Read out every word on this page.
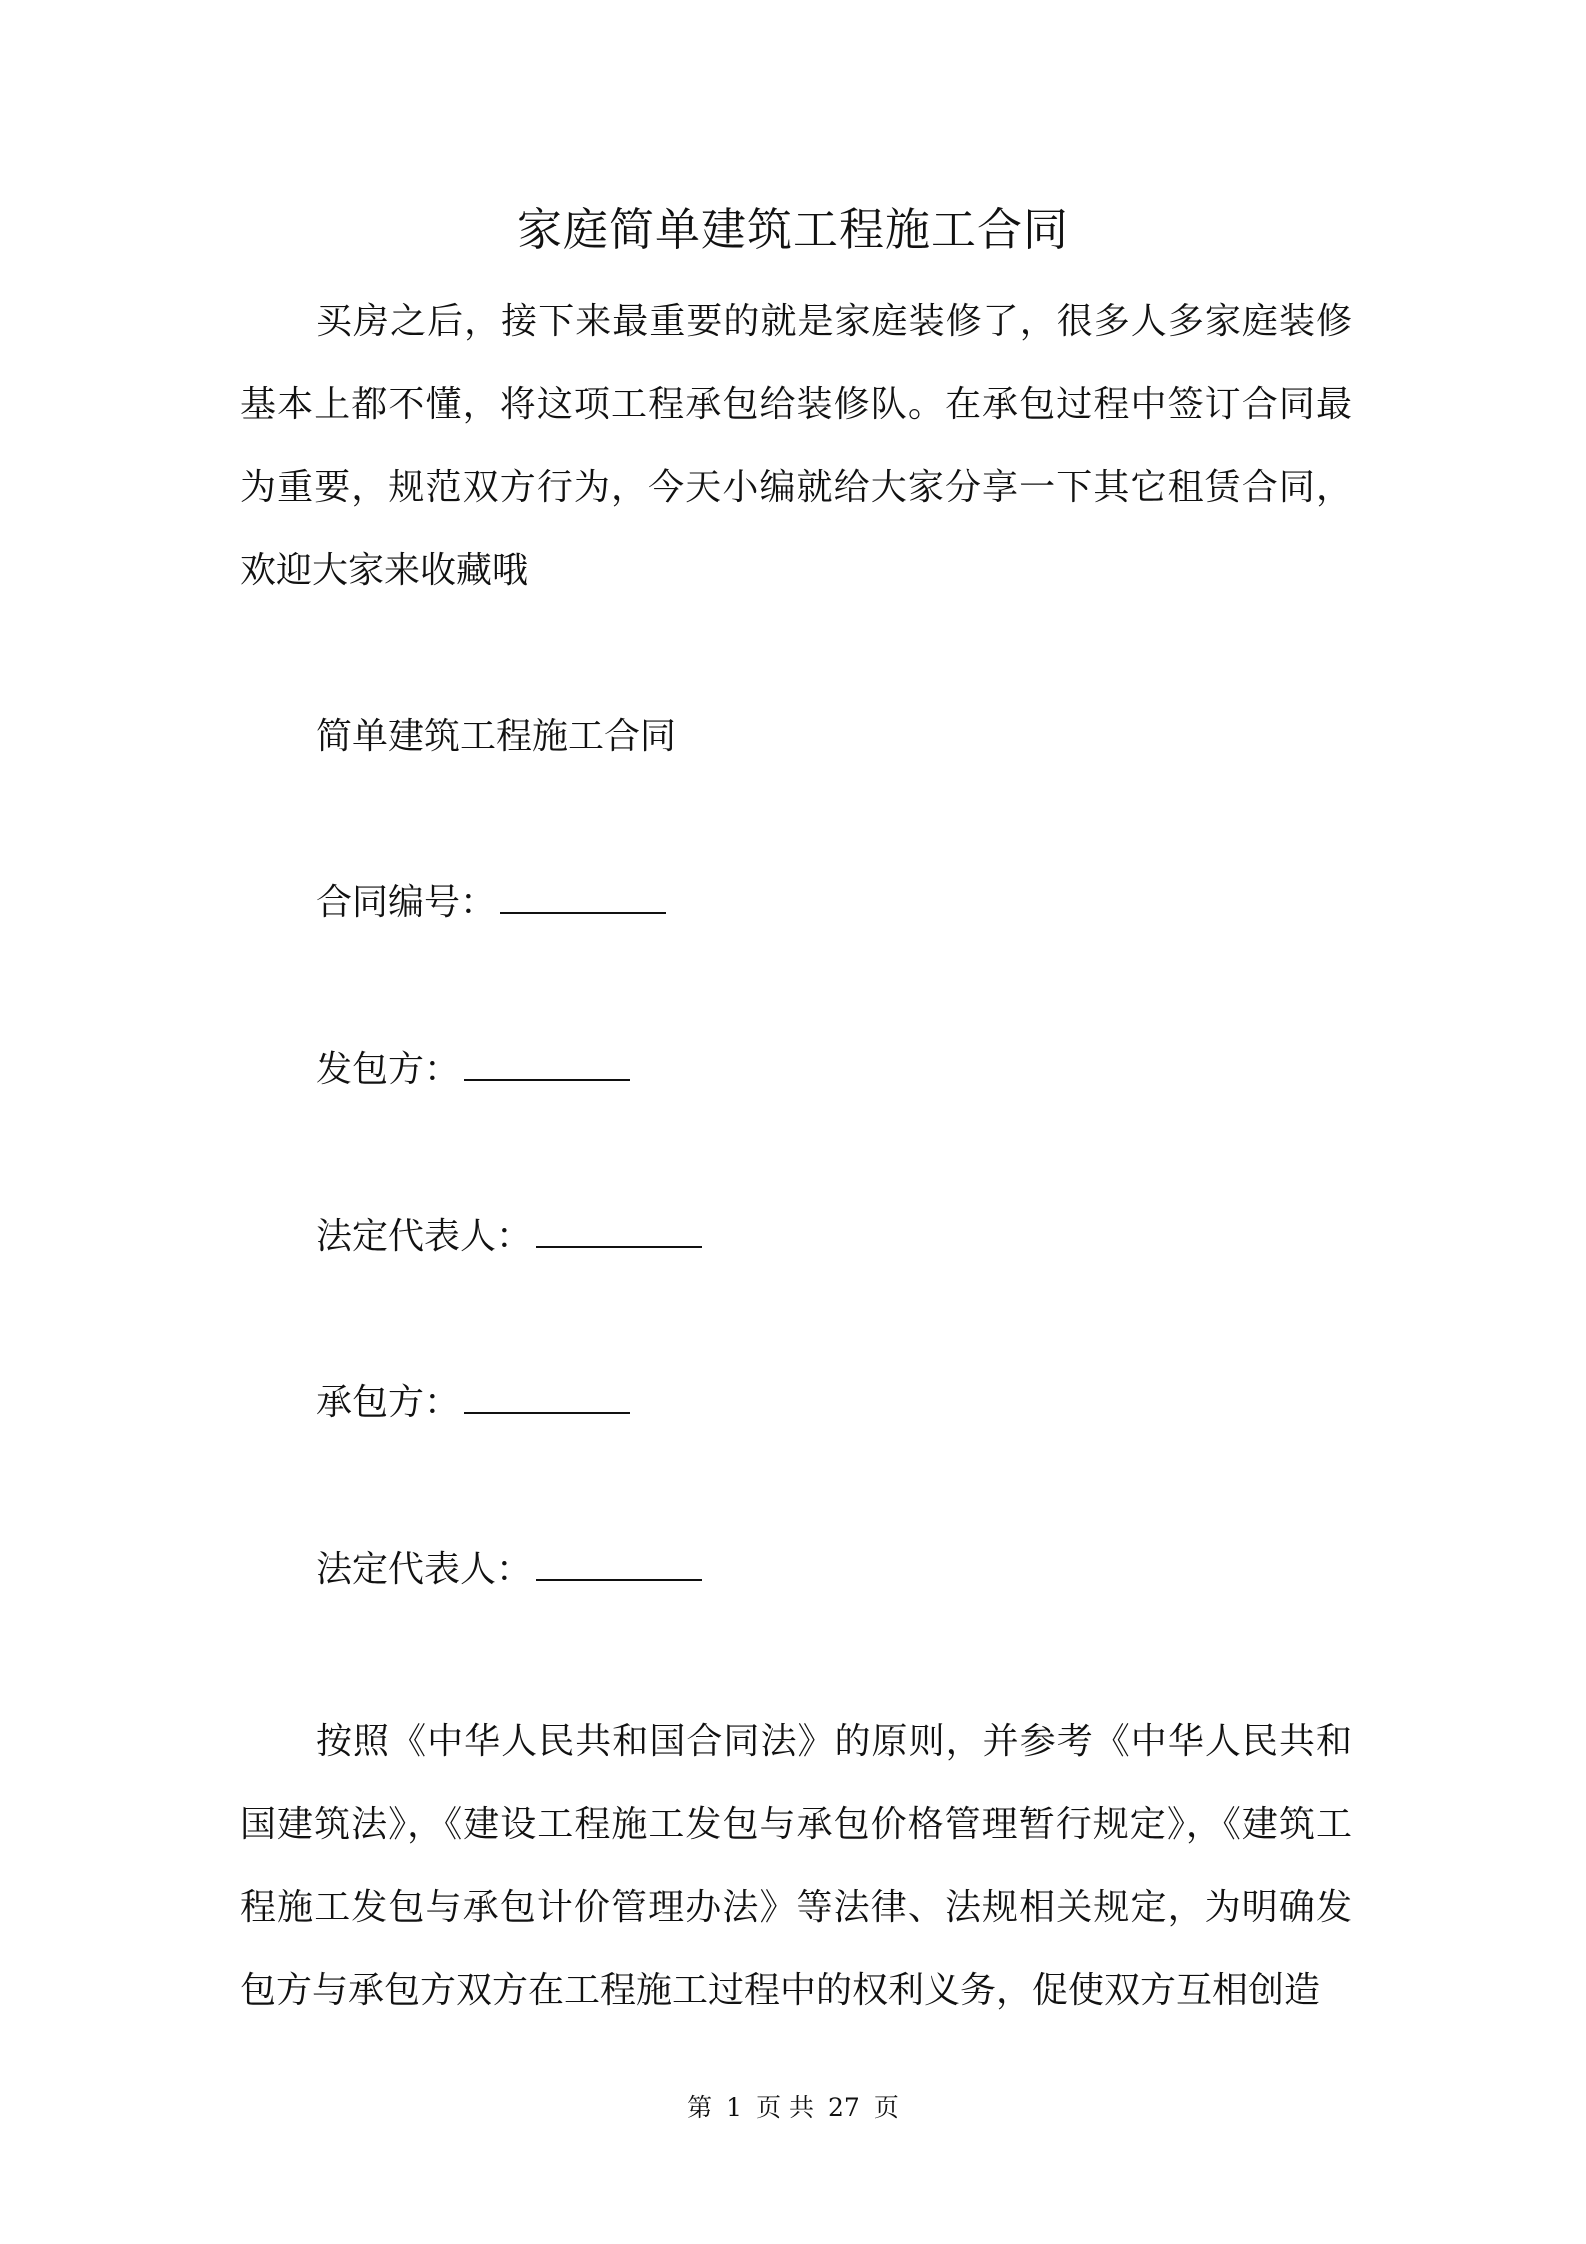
家庭简单建筑工程施工合同

买房之后，接下来最重要的就是家庭装修了，很多人多家庭装修基本上都不懂，将这项工程承包给装修队。在承包过程中签订合同最为重要，规范双方行为，今天小编就给大家分享一下其它租赁合同，欢迎大家来收藏哦

简单建筑工程施工合同

合同编号：

发包方：

法定代表人：

承包方：

法定代表人：

按照《中华人民共和国合同法》的原则，并参考《中华人民共和国建筑法》，《建设工程施工发包与承包价格管理暂行规定》，《建筑工程施工发包与承包计价管理办法》等法律、法规相关规定，为明确发包方与承包方双方在工程施工过程中的权利义务，促使双方互相创造

第 1 页 共 27 页
